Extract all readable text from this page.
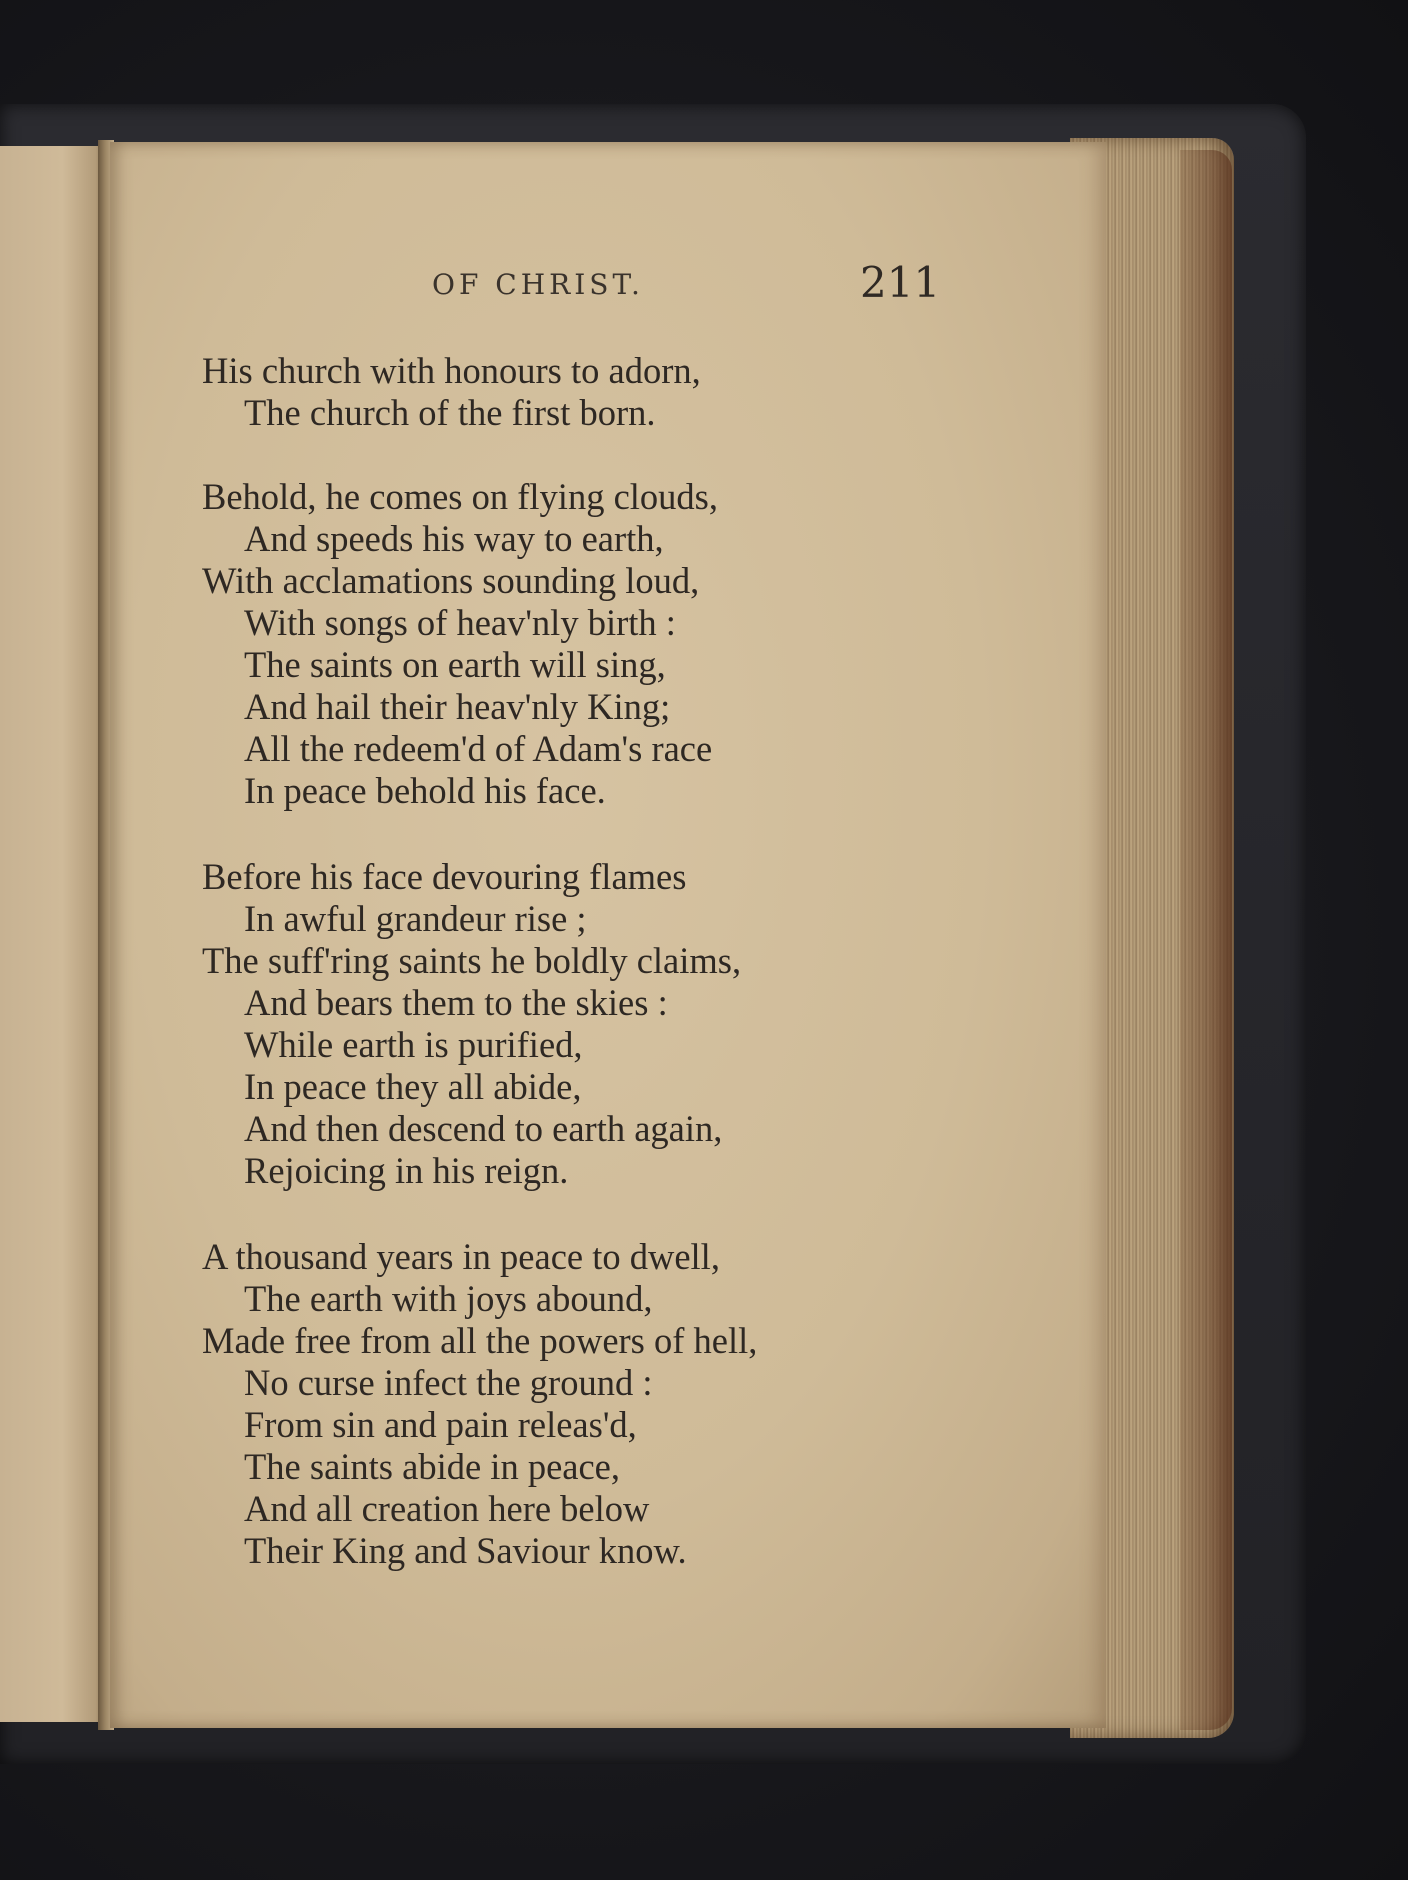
OF CHRIST.	211
His church with honours to adorn,
The church of the first born.
Behold, he comes on flying clouds,
And speeds his way to earth,
With acclamations sounding loud,
With songs of heav'nly birth :
The saints on earth will sing,
And hail their heav'nly King;
All the redeem'd of Adam's race
In peace behold his face.
Before his face devouring flames
In awful grandeur rise ;
The suff'ring saints he boldly claims,
And bears them to the skies :
While earth is purified,
In peace they all abide,
And then descend to earth again,
Rejoicing in his reign.
A thousand years in peace to dwell,
The earth with joys abound,
Made free from all the powers of hell,
No curse infect the ground :
From sin and pain releas'd,
The saints abide in peace,
And all creation here below
Their King and Saviour know.
